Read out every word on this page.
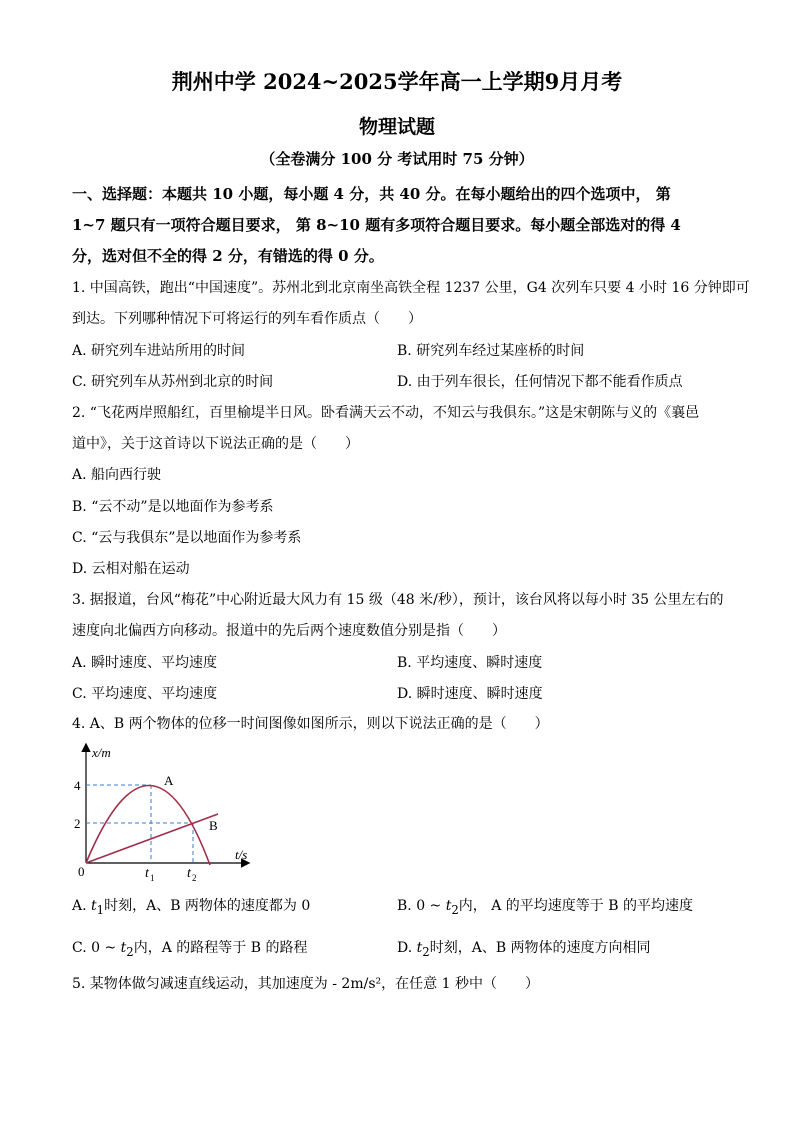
荆州中学 2024~2025学年高一上学期9月月考
物理试题
（全卷满分 100 分 考试用时 75 分钟）
一、选择题：本题共 10 小题，每小题 4 分，共 40 分。在每小题给出的四个选项中， 第
1~7 题只有一项符合题目要求， 第 8~10 题有多项符合题目要求。每小题全部选对的得 4
分，选对但不全的得 2 分，有错选的得 0 分。
1. 中国高铁，跑出“中国速度”。苏州北到北京南坐高铁全程 1237 公里，G4 次列车只要 4 小时 16 分钟即可
到达。下列哪种情况下可将运行的列车看作质点（　　）
A. 研究列车进站所用的时间	B. 研究列车经过某座桥的时间
C. 研究列车从苏州到北京的时间	D. 由于列车很长，任何情况下都不能看作质点
2. “飞花两岸照船红，百里榆堤半日风。卧看满天云不动，不知云与我俱东。”这是宋朝陈与义的《襄邑
道中》，关于这首诗以下说法正确的是（　　）
A. 船向西行驶
B. “云不动”是以地面作为参考系
C. “云与我俱东”是以地面作为参考系
D. 云相对船在运动
3. 据报道，台风“梅花”中心附近最大风力有 15 级（48 米/秒），预计，该台风将以每小时 35 公里左右的
速度向北偏西方向移动。报道中的先后两个速度数值分别是指（　　）
A. 瞬时速度、平均速度	B. 平均速度、瞬时速度
C. 平均速度、平均速度	D. 瞬时速度、瞬时速度
4. A、B 两个物体的位移一时间图像如图所示，则以下说法正确的是（　　）
x/m
t/s
4
2
0	t 1 t 2
A
B
A. $t_1$时刻，A、B 两物体的速度都为 0	B. 0 ~ $t_2$内， A 的平均速度等于 B 的平均速度
C. 0 ~ $t_2$内，A 的路程等于 B 的路程	D. $t_2$时刻，A、B 两物体的速度方向相同
5. 某物体做匀减速直线运动，其加速度为 - 2m/s²，在任意 1 秒中（　　）
